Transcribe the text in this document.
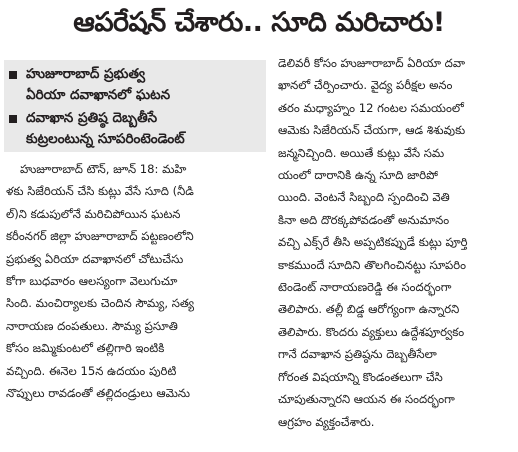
ఆపరేషన్ చేశారు.. సూది మరిచారు!
హుజూరాబాద్ ప్రభుత్వ
ఏరియా దవాఖానలో ఘటన
దవాఖాన ప్రతిష్ఠ దెబ్బతీసే
కుట్రలంటున్న సూపరింటెండెంట్
హుజూరాబాద్ టౌన్, జూన్ 18: మహి
ళకు సిజేరియన్ చేసి కుట్లు వేసే సూది (నీడి
ల్)ని కడుపులోనే మరిచిపోయిన ఘటన
కరీంనగర్ జిల్లా హుజూరాబాద్ పట్టణంలోని
ప్రభుత్వ ఏరియా దవాఖానలో చోటుచేసు
కోగా బుధవారం ఆలస్యంగా వెలుగుచూ
సింది. మంచిర్యాలకు చెందిన సౌమ్య, సత్య
నారాయణ దంపతులు. సౌమ్య ప్రసూతి
కోసం జమ్మికుంటలో తల్లిగారి ఇంటికి
వచ్చింది. ఈనెల 15న ఉదయం పురిటి
నొప్పులు రావడంతో తల్లిదండ్రులు ఆమెను
డెలివరీ కోసం హుజూరాబాద్ ఏరియా దవా
ఖానలో చేర్పించారు. వైద్య పరీక్షల అనం
తరం మధ్యాహ్నం 12 గంటల సమయంలో
ఆమెకు సిజేరియన్ చేయగా, ఆడ శిశువుకు
జన్మనిచ్చింది. అయితే కుట్లు వేసే సమ
యంలో దారానికి ఉన్న సూది జారిపో
యింది. వెంటనే సిబ్బంది స్పందించి వెతి
కినా అది దొరక్కపోవడంతో అనుమానం
వచ్చి ఎక్స్‌రే తీసి అప్పటికప్పుడే కుట్లు పూర్తి
కాకముందే సూదిని తొలగించినట్టు సూపరిం
టెండెంట్ నారాయణరెడ్డి ఈ సందర్భంగా
తెలిపారు. తల్లీ బిడ్డ ఆరోగ్యంగా ఉన్నారని
తెలిపారు. కొందరు వ్యక్తులు ఉద్దేశపూర్వకం
గానే దవాఖాన ప్రతిష్ఠను దెబ్బతీసేలా
గోరంత విషయాన్ని కొండంతలుగా చేసి
చూపుతున్నారని ఆయన ఈ సందర్భంగా
ఆగ్రహం వ్యక్తంచేశారు.
